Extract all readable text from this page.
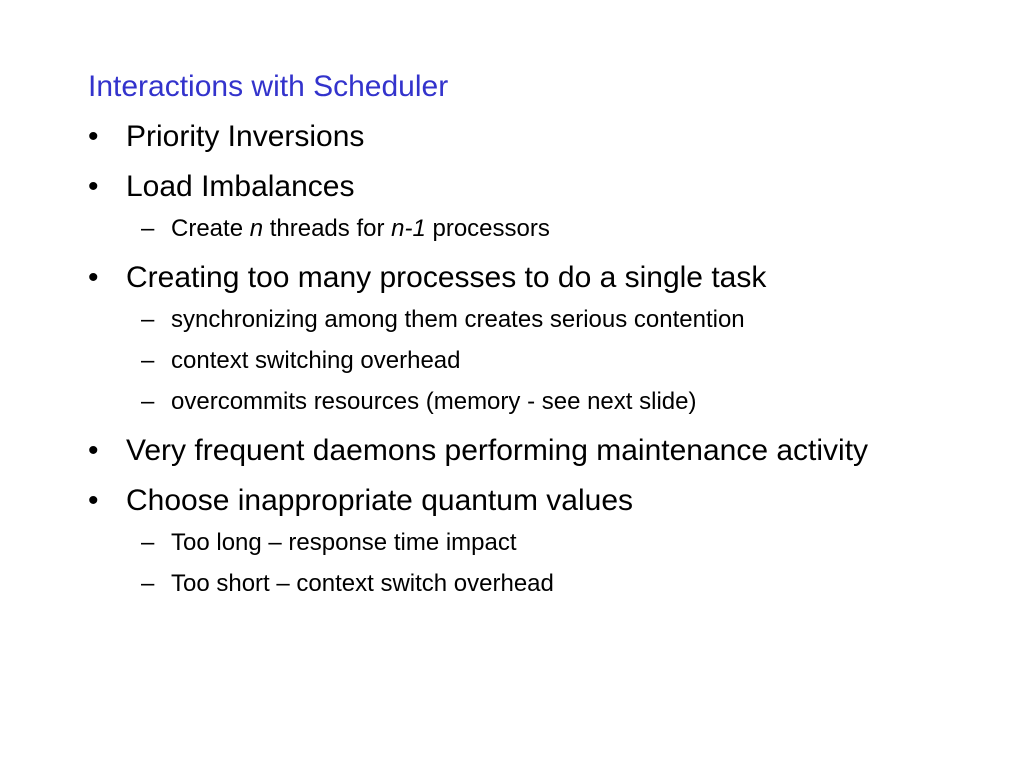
Interactions with Scheduler
• Priority Inversions
• Load Imbalances
– Create n threads for n-1 processors
• Creating too many processes to do a single task
– synchronizing among them creates serious contention
– context switching overhead
– overcommits resources (memory - see next slide)
• Very frequent daemons performing maintenance activity
• Choose inappropriate quantum values
– Too long – response time impact
– Too short – context switch overhead
